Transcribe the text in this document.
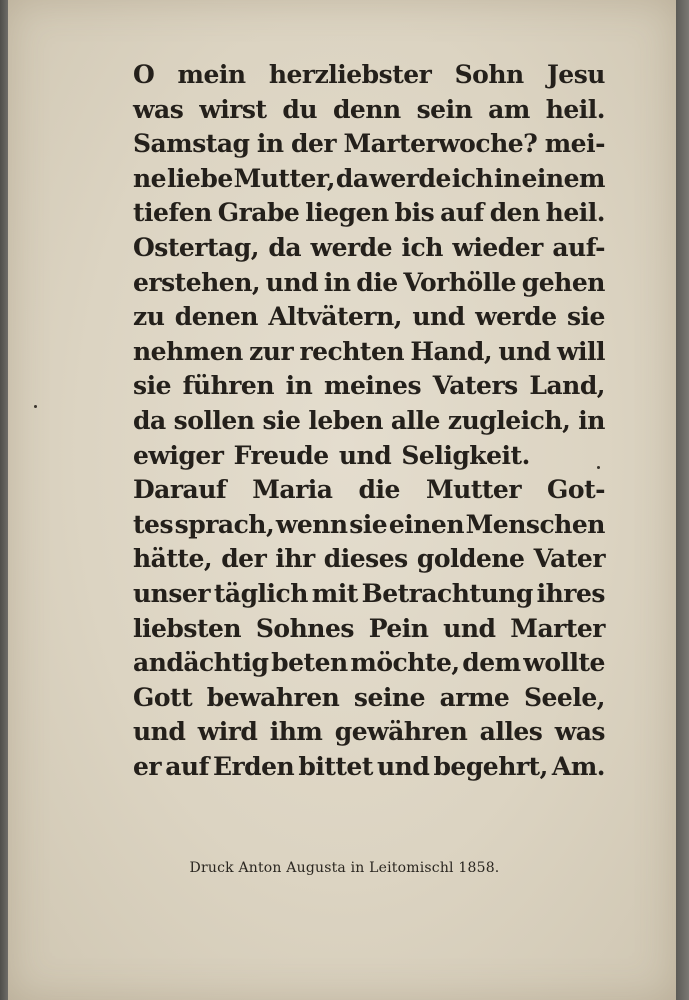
O mein herzliebster Sohn Jesu
was wirst du denn sein am heil.
Samstag in der Marterwoche? mei-
ne liebe Mutter, da werde ich in einem
tiefen Grabe liegen bis auf den heil.
Ostertag, da werde ich wieder auf-
erstehen, und in die Vorhölle gehen
zu denen Altvätern, und werde sie
nehmen zur rechten Hand, und will
sie führen in meines Vaters Land,
da sollen sie leben alle zugleich, in
ewiger Freude und Seligkeit.
Darauf Maria die Mutter Got-
tes sprach, wenn sie einen Menschen
hätte, der ihr dieses goldene Vater
unser täglich mit Betrachtung ihres
liebsten Sohnes Pein und Marter
andächtig beten möchte, dem wollte
Gott bewahren seine arme Seele,
und wird ihm gewähren alles was
er auf Erden bittet und begehrt, Am.
Druck Anton Augusta in Leitomischl 1858.
